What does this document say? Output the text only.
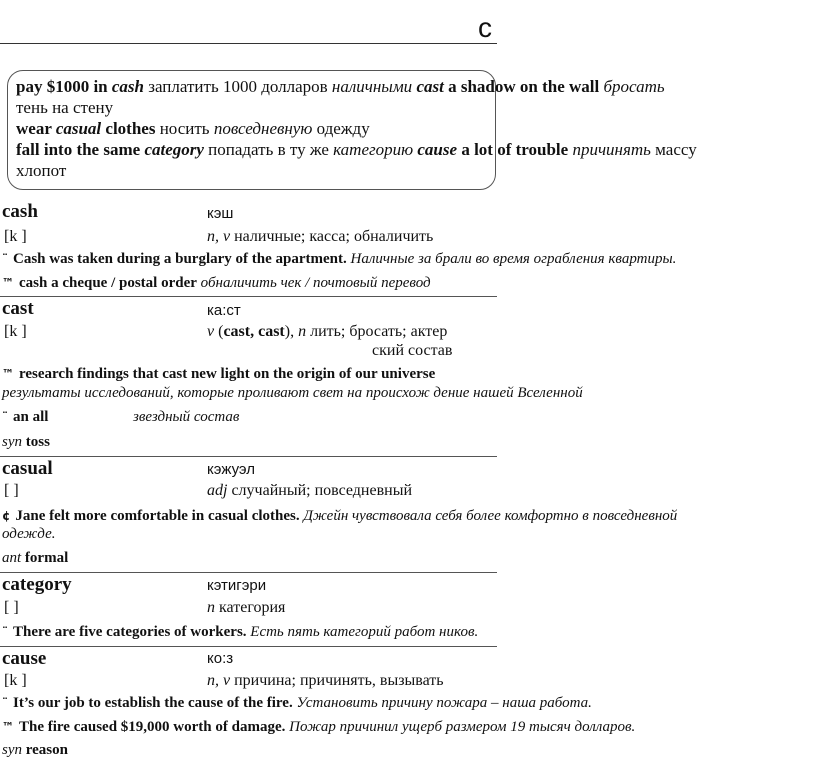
c
pay $1000 in cash заплатить 1000 долларов наличными cast a shadow on the wall бросать
тень на стену
wear casual clothes носить повседневную одежду
fall into the same category попадать в ту же категорию cause a lot of trouble причинять массу
хлопот
cash	кэш
[k ]	n, v наличные; касса; обналичить
¨ Cash was taken during a burglary of the apartment. Наличные за брали во время ограбления квартиры.
™ cash a cheque / postal order обналичить чек / почтовый перевод
cast	ка:ст
[k ]	v (cast, cast), n лить; бросать; актер
ский состав
™ research findings that cast new light on the origin of our universe
результаты исследований, которые проливают свет на происхож дение нашей Вселенной
¨ an all	звездный состав
syn toss
casual	кэжуэл
[ ]	adj случайный; повседневный
¢ Jane felt more comfortable in casual clothes. Джейн чувствовала себя более комфортно в повседневной
одежде.
ant formal
category	кэтигэри
[ ]	n категория
¨ There are five categories of workers. Есть пять категорий работ ников.
cause	ко:з
[k ]	n, v причина; причинять, вызывать
¨ It’s our job to establish the cause of the fire. Установить причину пожара – наша работа.
™ The fire caused $19,000 worth of damage. Пожар причинил ущерб размером 19 тысяч долларов.
syn reason
